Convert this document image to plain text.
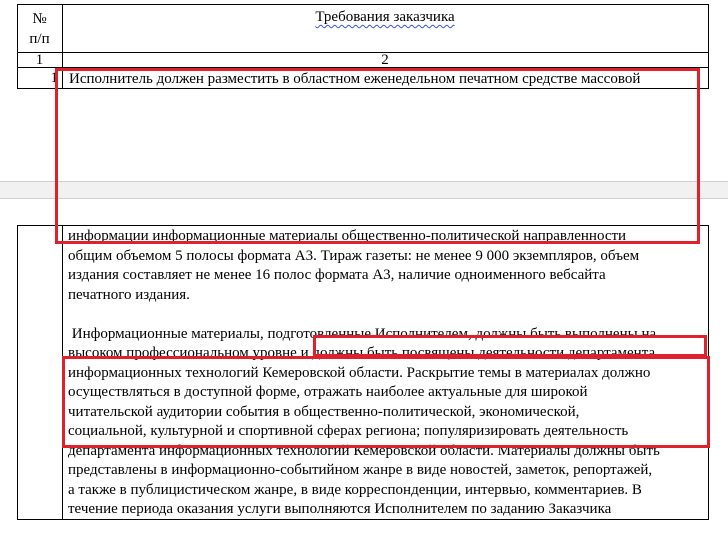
№
п/п
Требования заказчика
1	2
1 Исполнитель должен разместить в областном еженедельном печатном средстве массовой
информации информационные материалы общественно-политической направленности
общим объемом 5 полосы формата А3. Тираж газеты: не менее 9 000 экземпляров, объем
издания составляет не менее 16 полос формата А3, наличие одноименного вебсайта
печатного издания.
Информационные материалы, подготовленные Исполнителем, должны быть выполнены на
высоком профессиональном уровне и должны быть посвящены деятельности департамента
информационных технологий Кемеровской области. Раскрытие темы в материалах должно
осуществляться в доступной форме, отражать наиболее актуальные для широкой
читательской аудитории события в общественно-политической, экономической,
социальной, культурной и спортивной сферах региона; популяризировать деятельность
департамента информационных технологий Кемеровской области. Материалы должны быть
представлены в информационно-событийном жанре в виде новостей, заметок, репортажей,
а также в публицистическом жанре, в виде корреспонденции, интервью, комментариев. В
течение периода оказания услуги выполняются Исполнителем по заданию Заказчика
